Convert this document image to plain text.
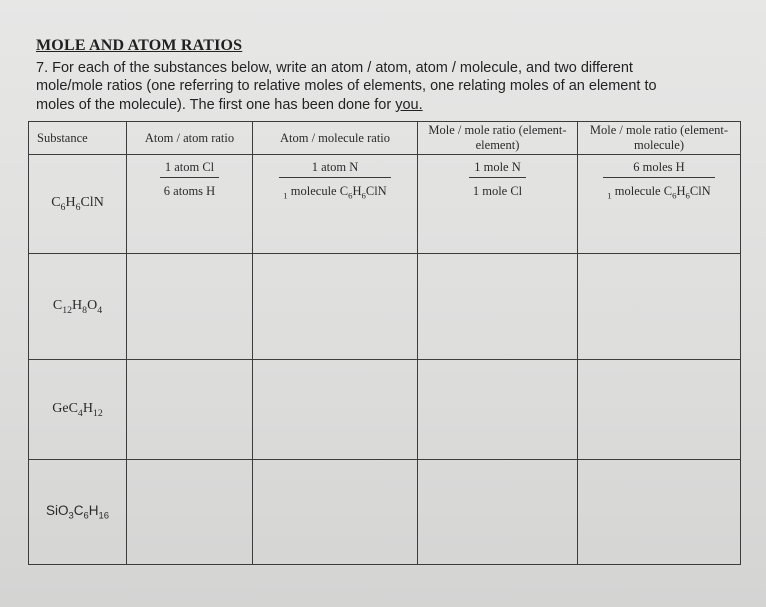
MOLE AND ATOM RATIOS
7. For each of the substances below, write an atom / atom, atom / molecule, and two different
mole/mole ratios (one referring to relative moles of elements, one relating moles of an element to
moles of the molecule). The first one has been done for you.
Substance	Atom / atom ratio	Atom / molecule ratio	Mole / mole ratio (element-element)	Mole / mole ratio (element-molecule)
$C_6H_6ClN$	$\frac{\text{1 atom Cl}}{\text{6 atoms H}}$	$\frac{\text{1 atom N}}{_1 molecule C_6H_6ClN}$	$\frac{\text{1 mole N}}{\text{1 mole Cl}}$	$\frac{\text{6 moles H}}{_1 molecule C_6H_6ClN}$

$C_{12}H_8O_4$				
$GeC_4H_{12}$				
$SiO_3C_6H_{16}$				
